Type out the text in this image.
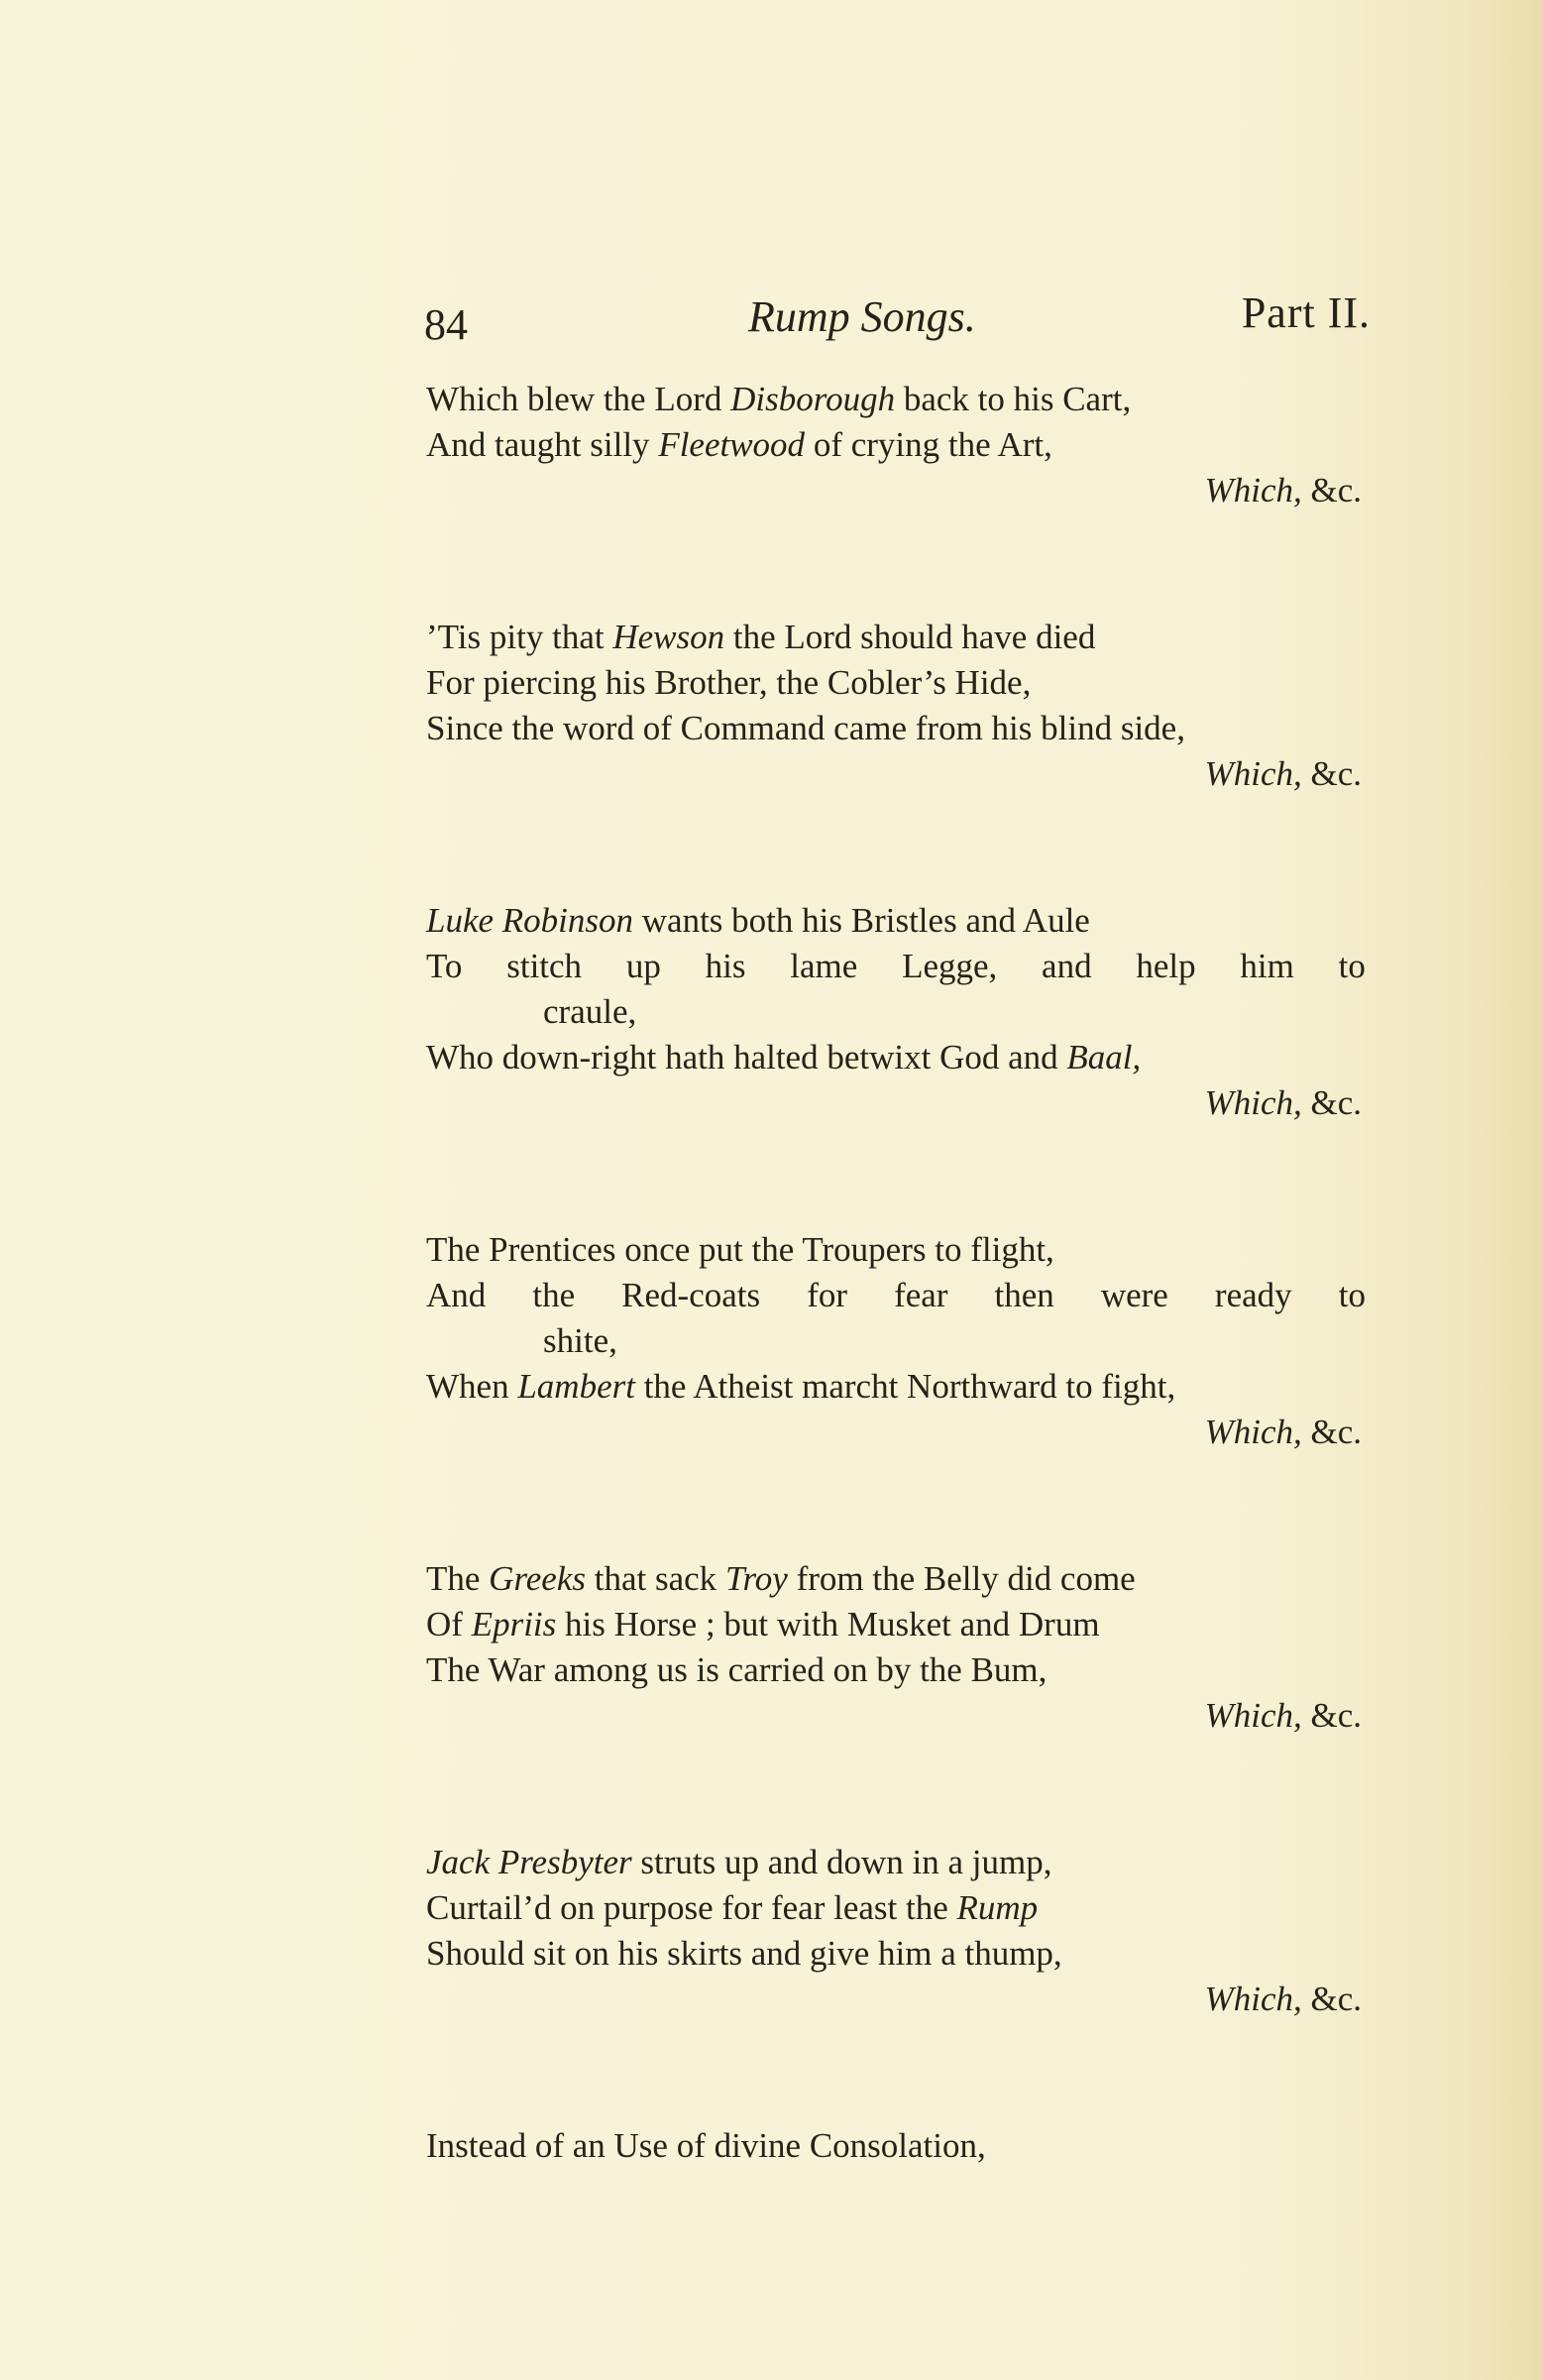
84	Rump Songs.	Part II.
Which blew the Lord Disborough back to his Cart,
And taught silly Fleetwood of crying the Art,
Which, &c.
’Tis pity that Hewson the Lord should have died
For piercing his Brother, the Cobler’s Hide,
Since the word of Command came from his blind side,
Which, &c.
Luke Robinson wants both his Bristles and Aule
To stitch up his lame Legge, and help him to
craule,
Who down-right hath halted betwixt God and Baal,
Which, &c.
The Prentices once put the Troupers to flight,
And the Red-coats for fear then were ready to
shite,
When Lambert the Atheist marcht Northward to fight,
Which, &c.
The Greeks that sack Troy from the Belly did come
Of Epriis his Horse ; but with Musket and Drum
The War among us is carried on by the Bum,
Which, &c.
Jack Presbyter struts up and down in a jump,
Curtail’d on purpose for fear least the Rump
Should sit on his skirts and give him a thump,
Which, &c.
Instead of an Use of divine Consolation,
